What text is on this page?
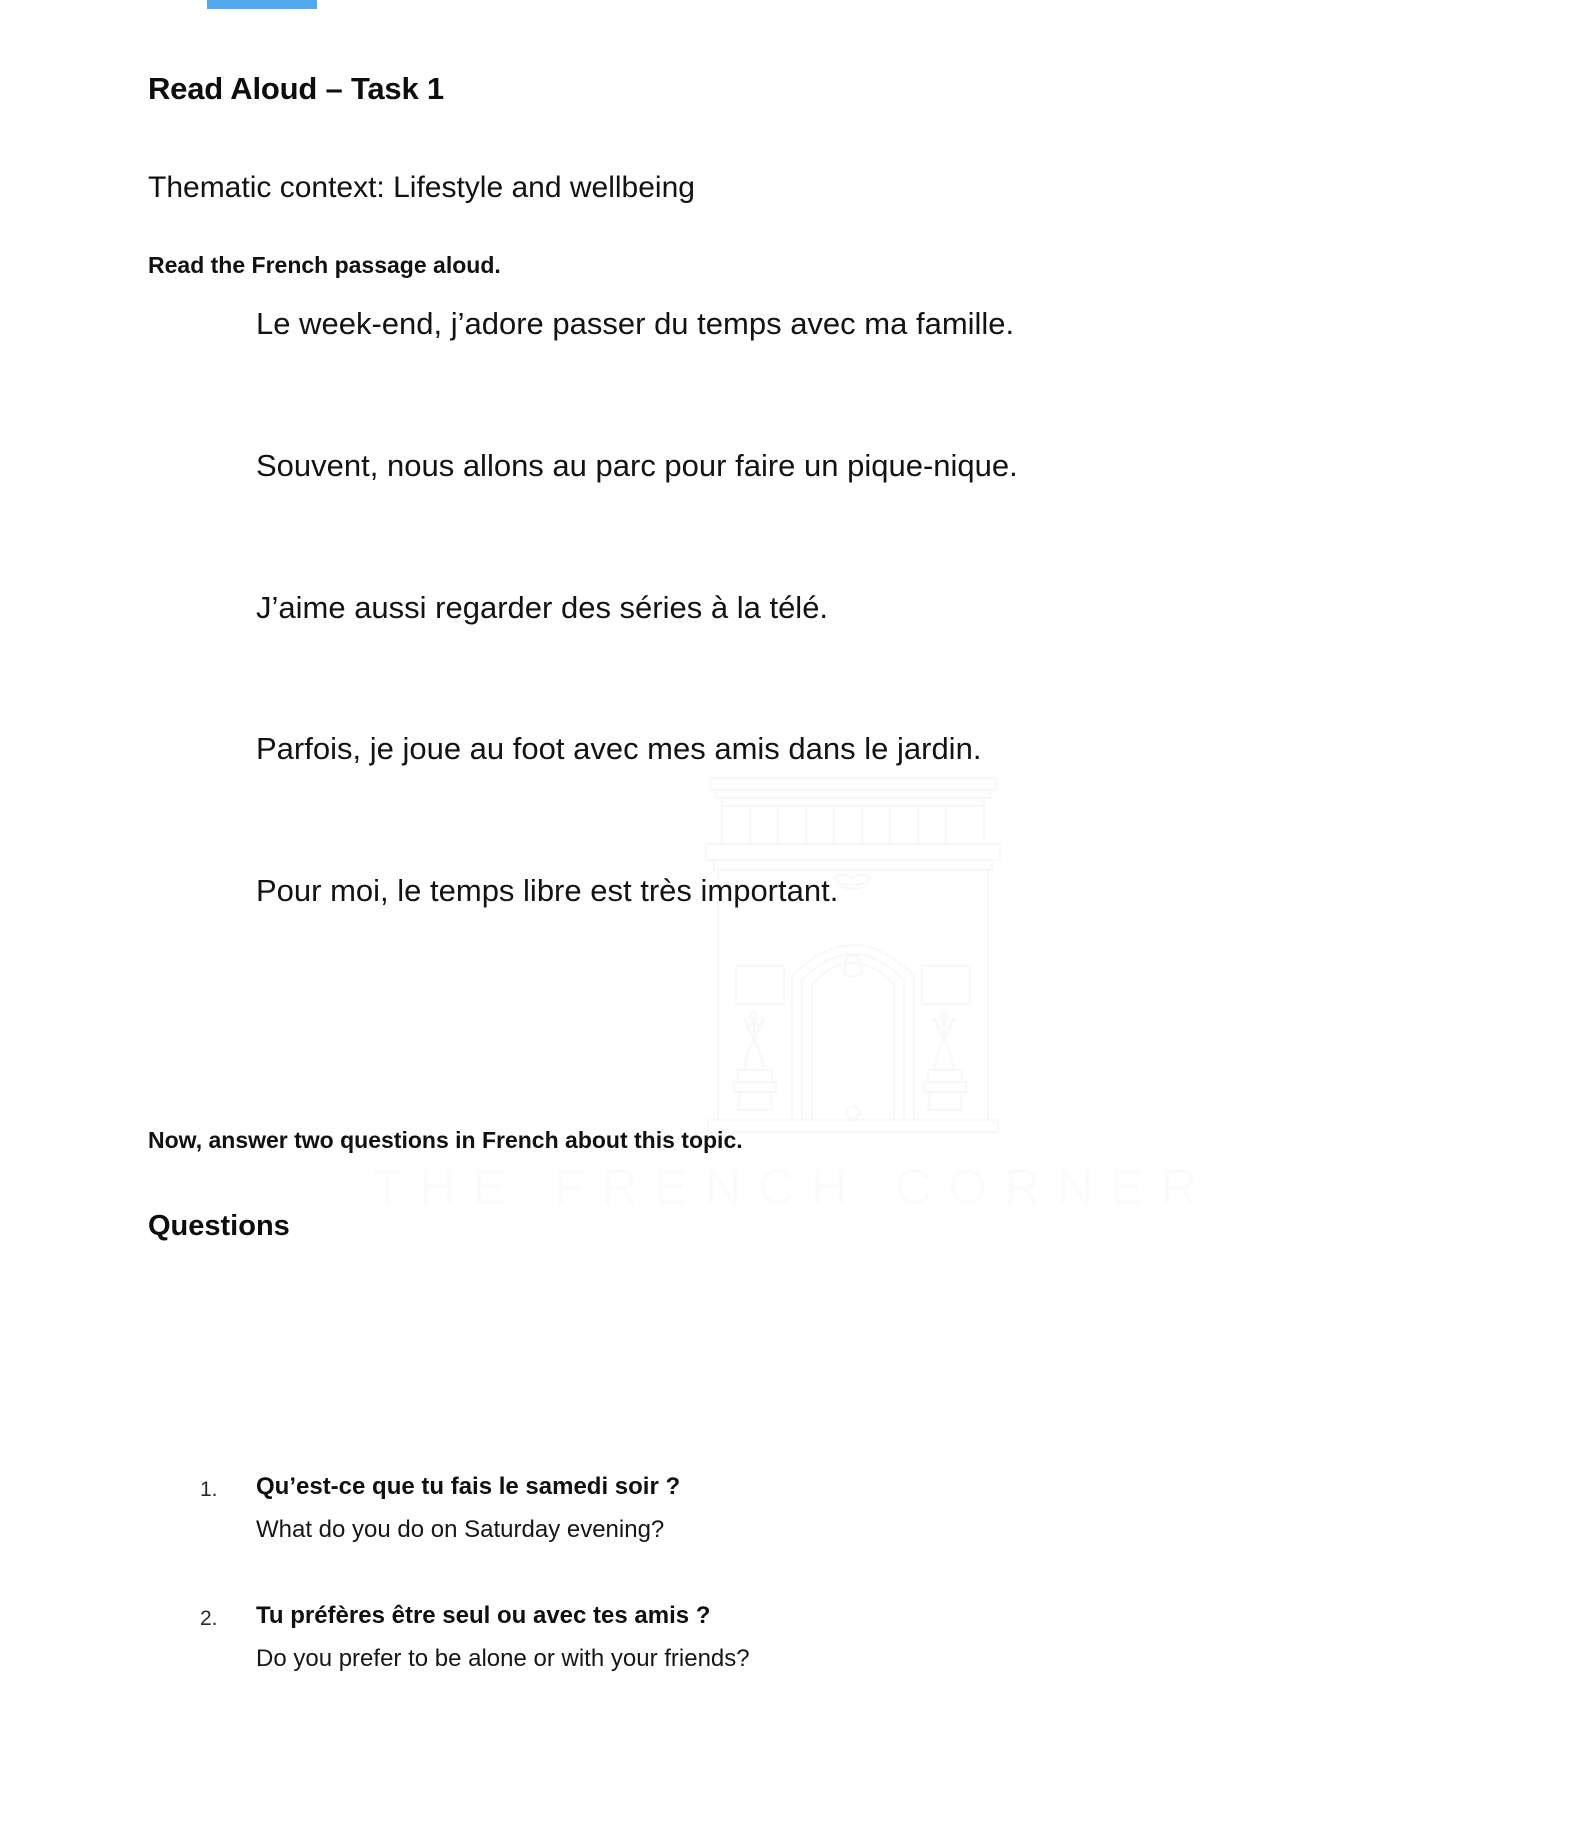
THE FRENCH CORNER
Read Aloud – Task 1

Thematic context: Lifestyle and wellbeing

Read the French passage aloud.

Le week-end, j’adore passer du temps avec ma famille.

Souvent, nous allons au parc pour faire un pique-nique.

J’aime aussi regarder des séries à la télé.

Parfois, je joue au foot avec mes amis dans le jardin.

Pour moi, le temps libre est très important.

Now, answer two questions in French about this topic.

Questions
1. Qu’est-ce que tu fais le samedi soir ?
What do you do on Saturday evening?
2. Tu préfères être seul ou avec tes amis ?
Do you prefer to be alone or with your friends?
